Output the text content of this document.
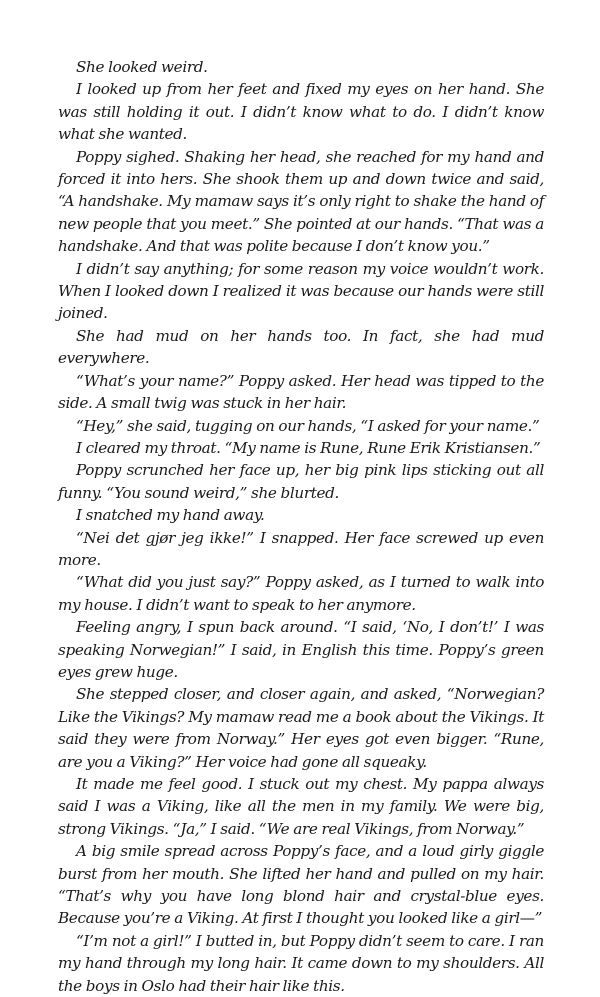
She looked weird.

I looked up from her feet and fixed my eyes on her hand. She was still holding it out. I didn’t know what to do. I didn’t know what she wanted.

Poppy sighed. Shaking her head, she reached for my hand and forced it into hers. She shook them up and down twice and said, “A handshake. My mamaw says it’s only right to shake the hand of new people that you meet.” She pointed at our hands. “That was a handshake. And that was polite because I don’t know you.”

I didn’t say anything; for some reason my voice wouldn’t work. When I looked down I realized it was because our hands were still joined.

She had mud on her hands too. In fact, she had mud everywhere.

“What’s your name?” Poppy asked. Her head was tipped to the side. A small twig was stuck in her hair.

“Hey,” she said, tugging on our hands, “I asked for your name.”

I cleared my throat. “My name is Rune, Rune Erik Kristiansen.”

Poppy scrunched her face up, her big pink lips sticking out all funny. “You sound weird,” she blurted.

I snatched my hand away.

“Nei det gjør jeg ikke!” I snapped. Her face screwed up even more.

“What did you just say?” Poppy asked, as I turned to walk into my house. I didn’t want to speak to her anymore.

Feeling angry, I spun back around. “I said, ‘No, I don’t!’ I was speaking Norwegian!” I said, in English this time. Poppy’s green eyes grew huge.

She stepped closer, and closer again, and asked, “Norwegian? Like the Vikings? My mamaw read me a book about the Vikings. It said they were from Norway.” Her eyes got even bigger. “Rune, are you a Viking?” Her voice had gone all squeaky.

It made me feel good. I stuck out my chest. My pappa always said I was a Viking, like all the men in my family. We were big, strong Vikings. “Ja,” I said. “We are real Vikings, from Norway.”

A big smile spread across Poppy’s face, and a loud girly giggle burst from her mouth. She lifted her hand and pulled on my hair. “That’s why you have long blond hair and crystal-blue eyes. Because you’re a Viking. At first I thought you looked like a girl—”

“I’m not a girl!” I butted in, but Poppy didn’t seem to care. I ran my hand through my long hair. It came down to my shoulders. All the boys in Oslo had their hair like this.
